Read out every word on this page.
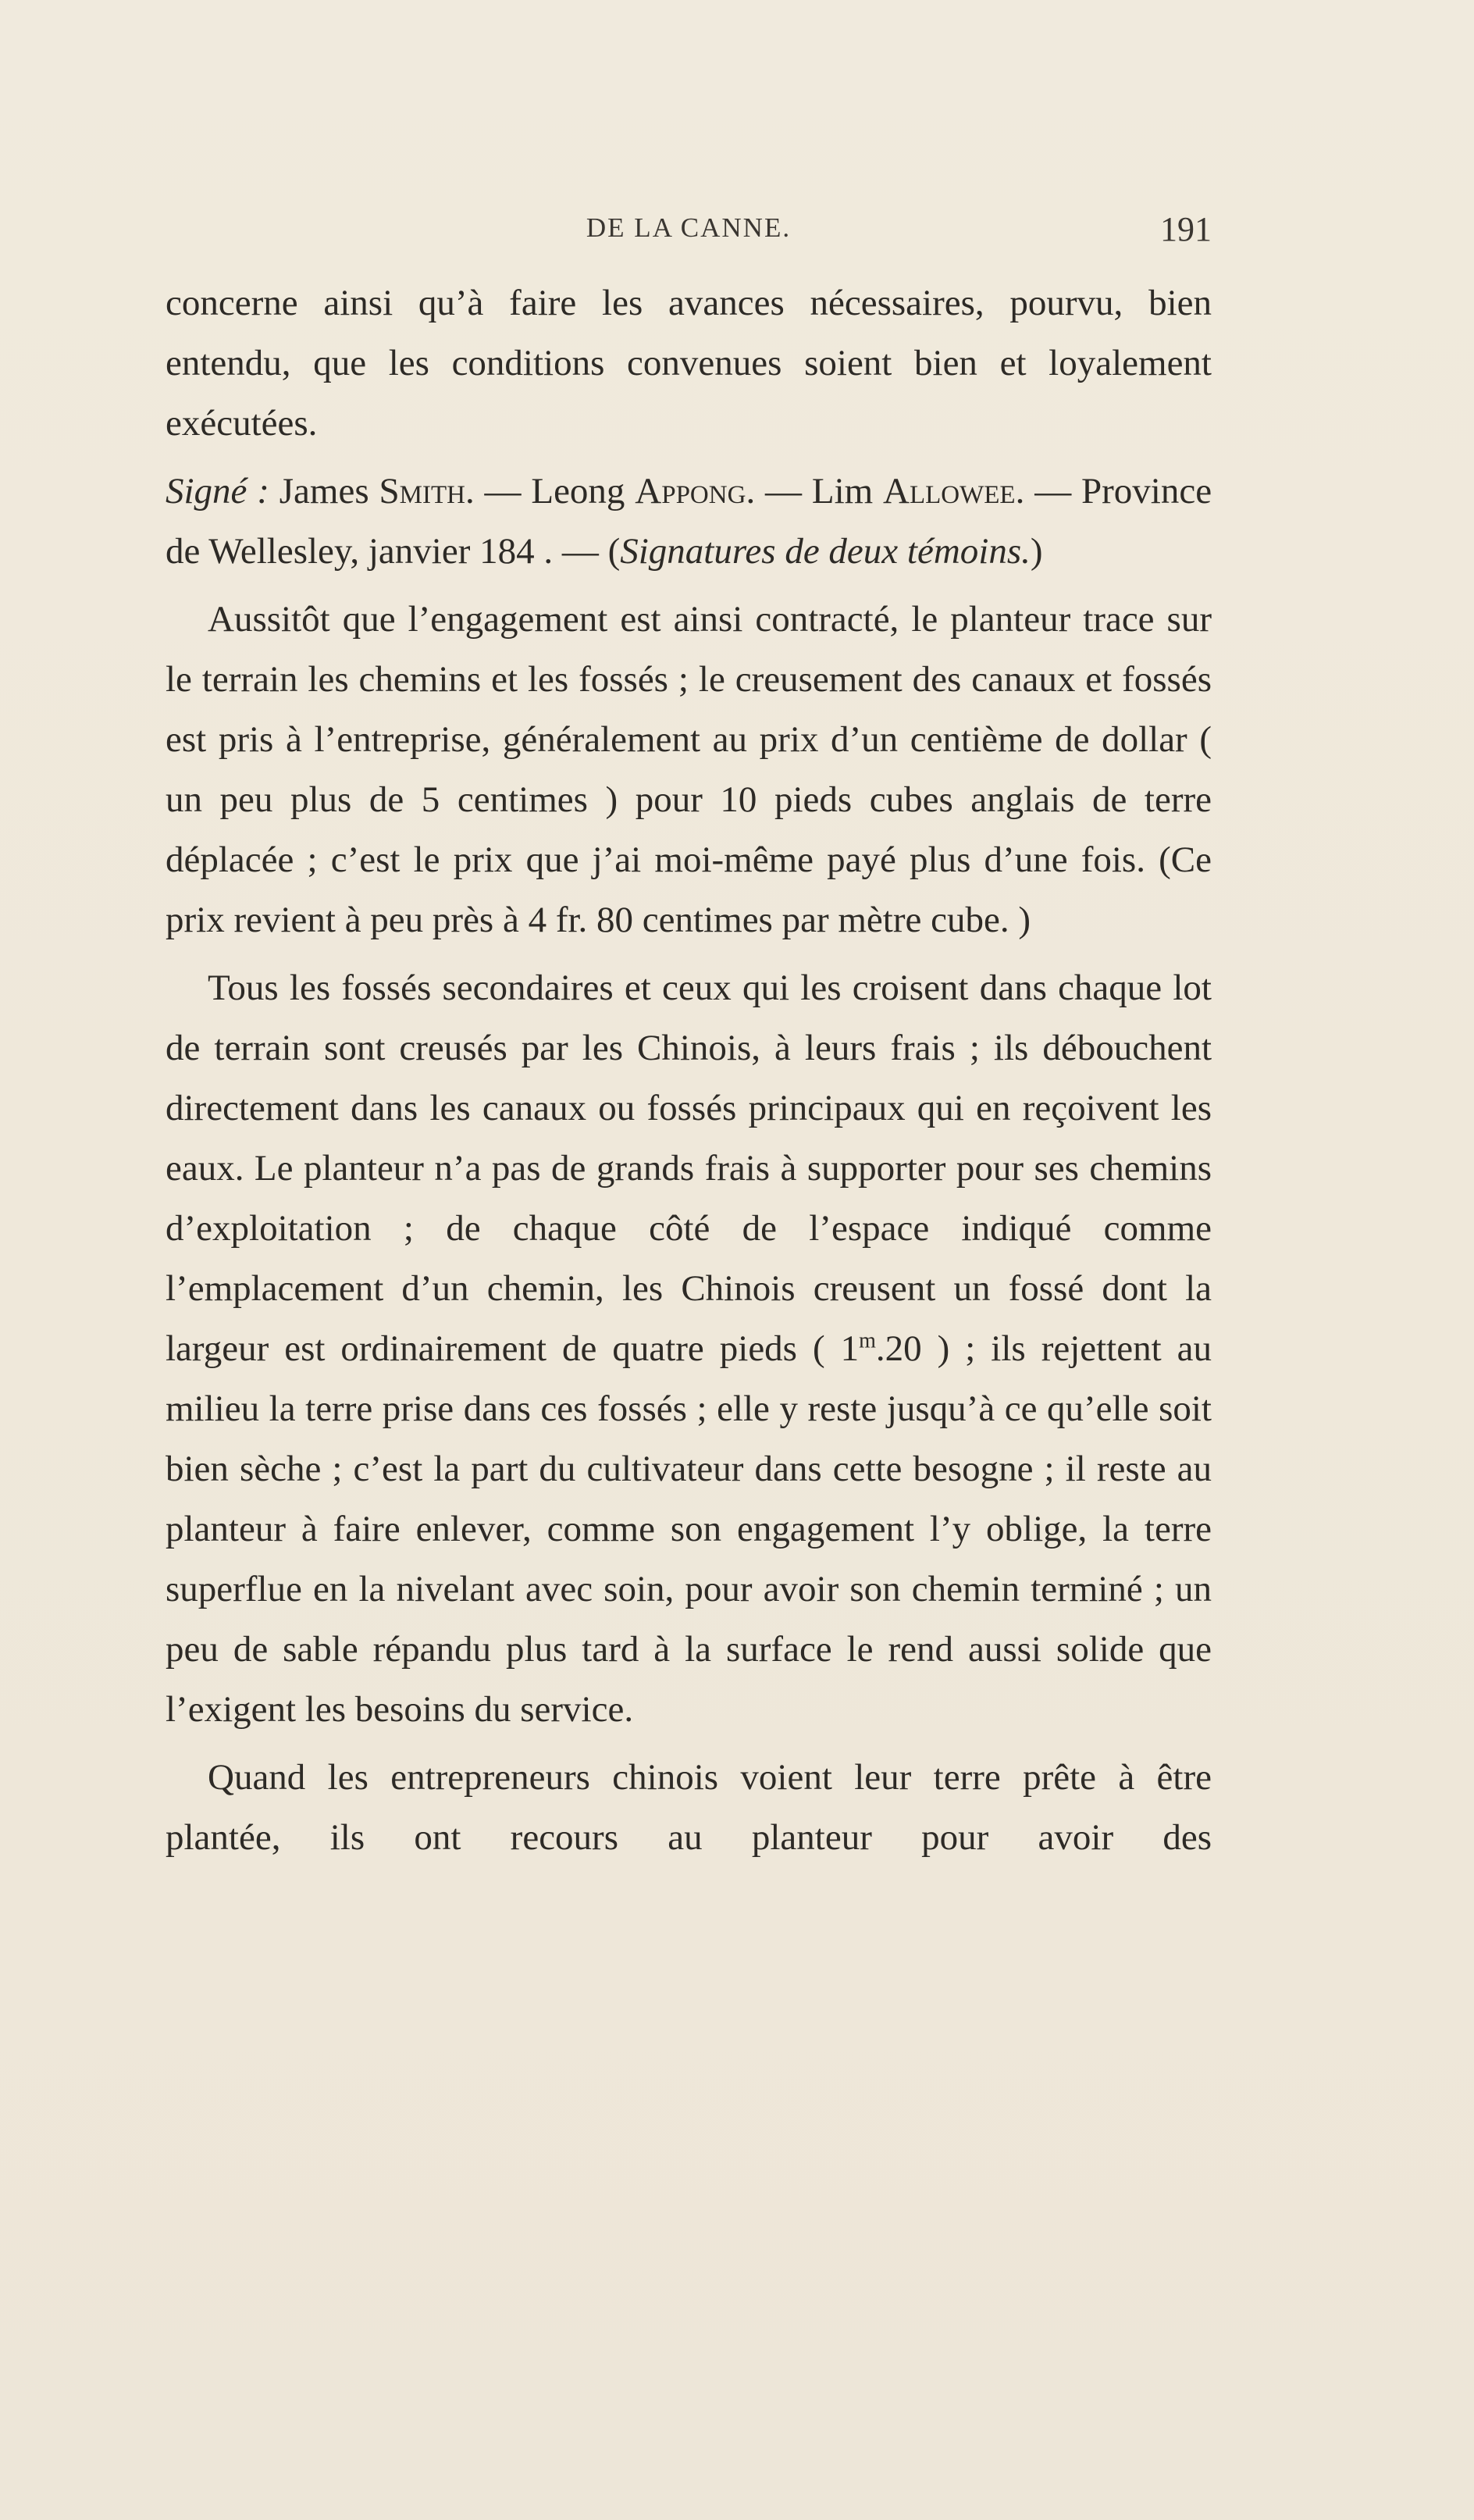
DE LA CANNE.	191

concerne ainsi qu’à faire les avances nécessaires, pourvu, bien entendu, que les conditions convenues soient bien et loyalement exécutées.

Signé : James Smith. — Leong Appong. — Lim Allowee. — Province de Wellesley, janvier 184 . — (Signatures de deux témoins.)

Aussitôt que l’engagement est ainsi contracté, le planteur trace sur le terrain les chemins et les fossés ; le creusement des canaux et fossés est pris à l’entreprise, généralement au prix d’un centième de dollar ( un peu plus de 5 centimes ) pour 10 pieds cubes anglais de terre déplacée ; c’est le prix que j’ai moi-même payé plus d’une fois. (Ce prix revient à peu près à 4 fr. 80 centimes par mètre cube. )

Tous les fossés secondaires et ceux qui les croisent dans chaque lot de terrain sont creusés par les Chinois, à leurs frais ; ils débouchent directement dans les canaux ou fossés principaux qui en reçoivent les eaux. Le planteur n’a pas de grands frais à supporter pour ses chemins d’exploitation ; de chaque côté de l’espace indiqué comme l’emplacement d’un chemin, les Chinois creusent un fossé dont la largeur est ordinairement de quatre pieds ( 1$^m$.20 ) ; ils rejettent au milieu la terre prise dans ces fossés ; elle y reste jusqu’à ce qu’elle soit bien sèche ; c’est la part du cultivateur dans cette besogne ; il reste au planteur à faire enlever, comme son engagement l’y oblige, la terre superflue en la nivelant avec soin, pour avoir son chemin terminé ; un peu de sable répandu plus tard à la surface le rend aussi solide que l’exigent les besoins du service.

Quand les entrepreneurs chinois voient leur terre prête à être plantée, ils ont recours au planteur pour avoir des
